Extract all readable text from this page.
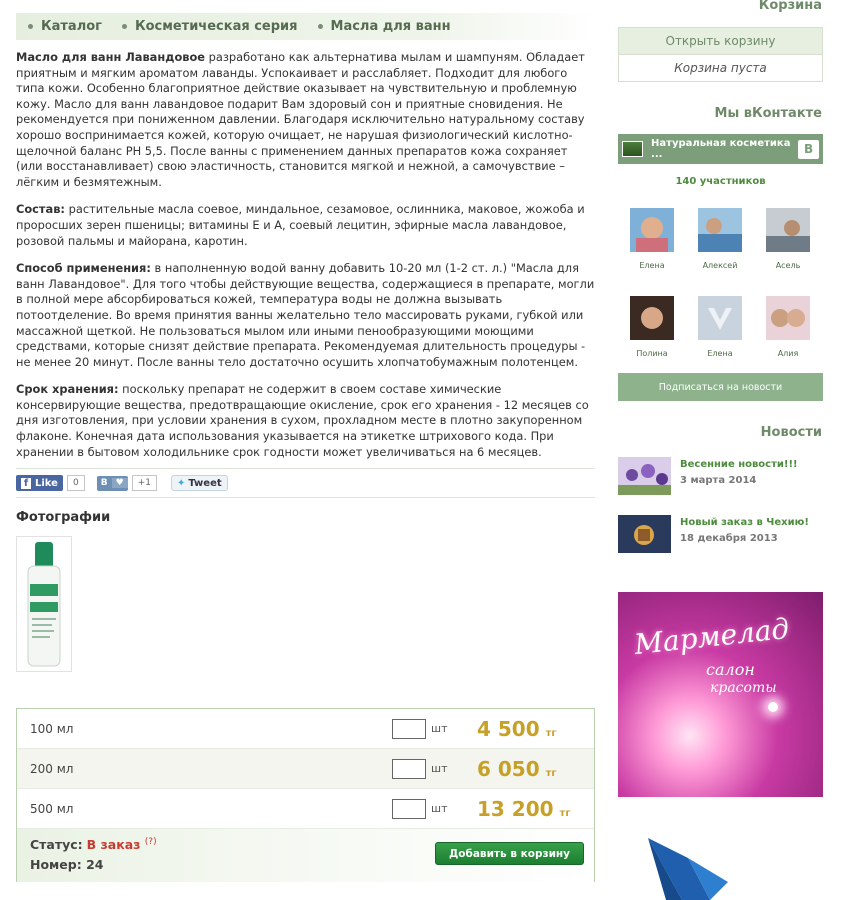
Каталог	Косметическая серия	Масла для ванн

Масло для ванн Лавандовое разработано как альтернатива мылам и шампуням. Обладает приятным и мягким ароматом лаванды. Успокаивает и расслабляет. Подходит для любого типа кожи. Особенно благоприятное действие оказывает на чувствительную и проблемную кожу. Масло для ванн лавандовое подарит Вам здоровый сон и приятные сновидения. Не рекомендуется при пониженном давлении. Благодаря исключительно натуральному составу хорошо воспринимается кожей, которую очищает, не нарушая физиологический кислотно-щелочной баланс PH 5,5. После ванны с применением данных препаратов кожа сохраняет (или восстанавливает) свою эластичность, становится мягкой и нежной, а самочувствие – лёгким и безмятежным.

Состав: растительные масла соевое, миндальное, сезамовое, ослинника, маковое, жожоба и проросших зерен пшеницы; витамины Е и А, соевый лецитин, эфирные масла лавандовое, розовой пальмы и майорана, каротин.

Способ применения: в наполненную водой ванну добавить 10-20 мл (1-2 ст. л.) "Масла для ванн Лавандовое". Для того чтобы действующие вещества, содержащиеся в препарате, могли в полной мере абсорбироваться кожей, температура воды не должна вызывать потоотделение. Во время принятия ванны желательно тело массировать руками, губкой или массажной щеткой. Не пользоваться мылом или иными пенообразующими моющими средствами, которые снизят действие препарата. Рекомендуемая длительность процедуры - не менее 20 минут. После ванны тело достаточно осушить хлопчатобумажным полотенцем.

Срок хранения: поскольку препарат не содержит в своем составе химические консервирующие вещества, предотвращающие окисление, срок его хранения - 12 месяцев со дня изготовления, при условии хранения в сухом, прохладном месте в плотно закупоренном флаконе. Конечная дата использования указывается на этикетке штрихового кода. При хранении в бытовом холодильнике срок годности может увеличиваться на 6 месяцев.

f Like	0	B ♥	+1	✦ Tweet
Фотографии
100 мл	шт 4 500 тг
200 мл	шт 6 050 тг
500 мл	шт 13 200 тг
Статус: В заказ (?)
Номер: 24
Добавить в корзину
Корзина
Открыть корзину
Корзина пуста
Мы вКонтакте
Натуральная косметика ...	B
140 участников
Елена	Алексей	Асель
Полина	Елена	Алия
Подписаться на новости
Новости
Весенние новости!!!
3 марта 2014
Новый заказ в Чехию!
18 декабря 2013
Мармелад
салон
красоты
